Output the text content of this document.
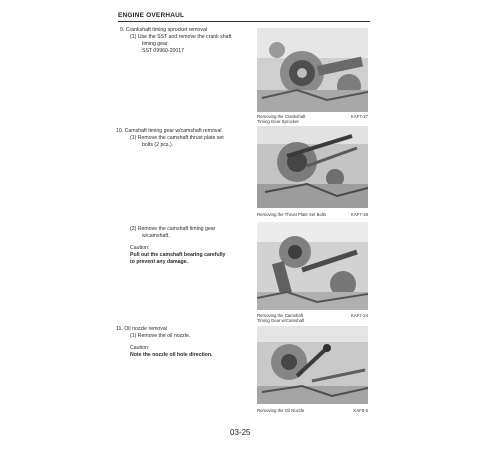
ENGINE OVERHAUL
9. Crankshaft timing sprocket removal
(1) Use the SST and remove the crank shaft
timing gear.
SST 09960-20017
Removing the Crankshaft
Timing Gear Sprocket
KAF7-27
10. Camshaft timing gear w/camshaft removal
(1) Remove the camshaft thrust plate set
bolts (2 pcs.).
Removing the Thrust Plate Set Bolts	KAF7-28
(2) Remove the camshaft timing gear
w/camshaft.
Caution:
Pull out the camshaft bearing carefully
to prevent any damage.
Removing the Camshaft
Timing Gear w/Camshaft
KAF7-24
11. Oil nozzle removal
(1) Remove the oil nozzle.
Caution:
Note the nozzle oil hole direction.
Removing the Oil Nozzle	KAF8-5
03-25
